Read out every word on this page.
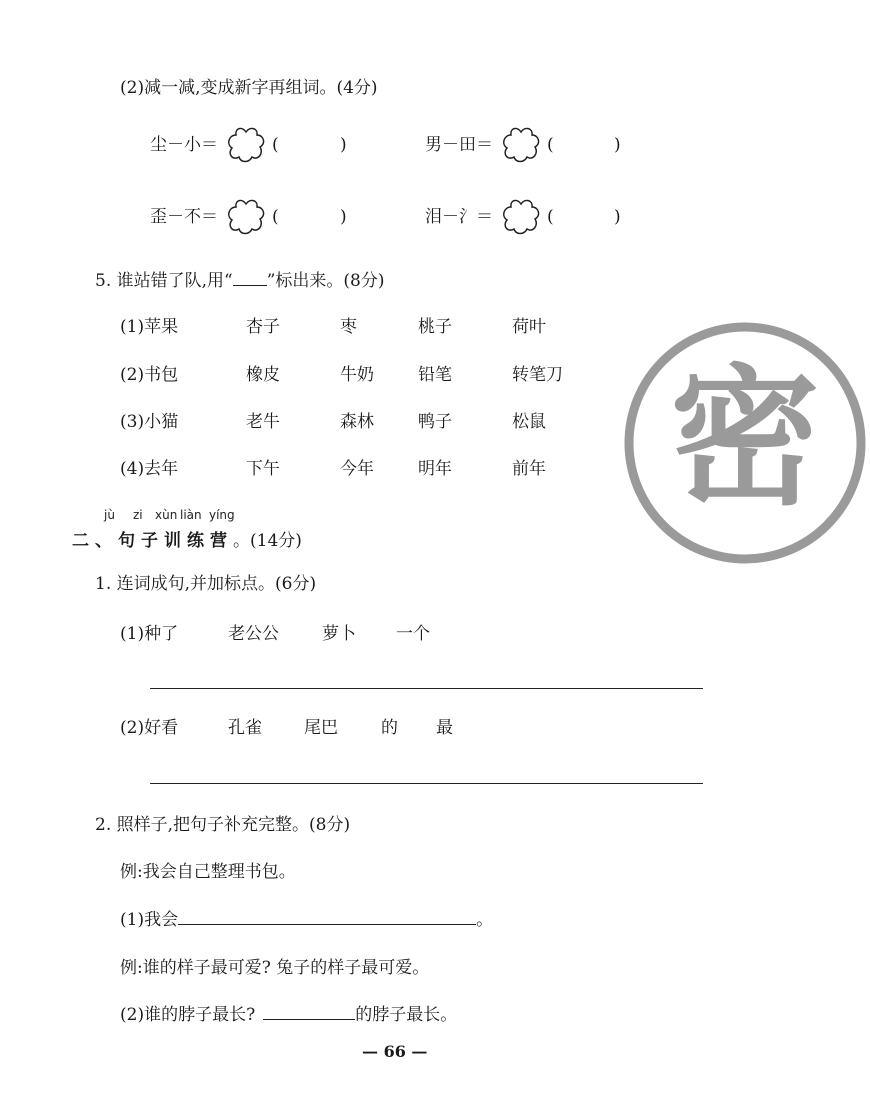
(2)减一减,变成新字再组词。(4分)
尘－小＝	(	)	男－田＝	(	)
歪－不＝	(	)	泪－氵＝	(	)
5. 谁站错了队,用“ ”标出来。(8分)
(1)苹果	杏子	枣	桃子	荷叶
(2)书包	橡皮	牛奶	铅笔	转笔刀
(3)小猫	老牛	森林	鸭子	松鼠
(4)去年	下午	今年	明年	前年
jù zi xùn liàn yíng
二、句子训练营。(14分)
1. 连词成句,并加标点。(6分)
(1)种了	老公公	萝卜 一个
(2)好看	孔雀 尾巴	的 最
2. 照样子,把句子补充完整。(8分)
例:我会自己整理书包。
(1)我会	。
例:谁的样子最可爱? 兔子的样子最可爱。
(2)谁的脖子最长?	的脖子最长。
— 66 —
密
